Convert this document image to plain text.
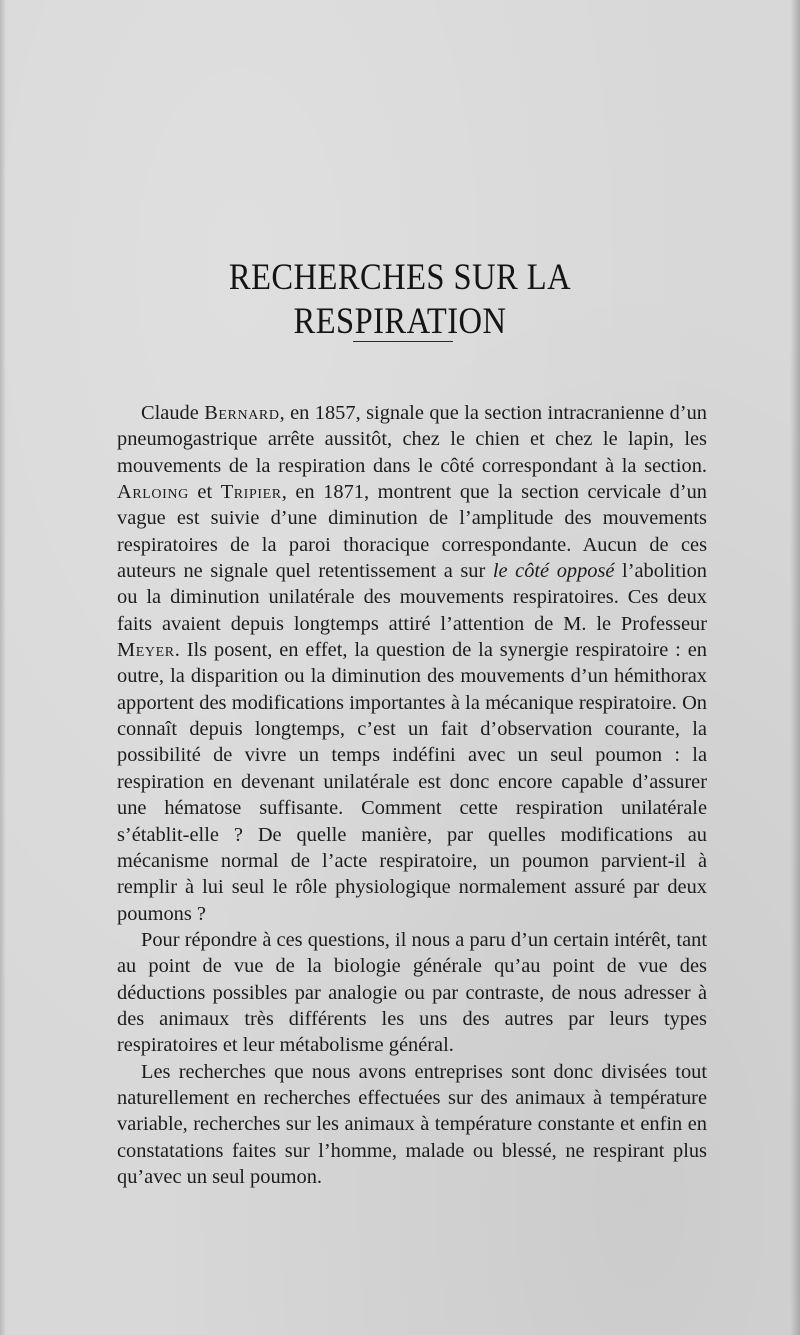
RECHERCHES SUR LA RESPIRATION

Claude Bernard, en 1857, signale que la section intracranienne d’un pneumogastrique arrête aussitôt, chez le chien et chez le lapin, les mouvements de la respiration dans le côté correspondant à la section. Arloing et Tripier, en 1871, montrent que la section cervicale d’un vague est suivie d’une diminution de l’amplitude des mouvements respiratoires de la paroi thoracique correspondante. Aucun de ces auteurs ne signale quel retentissement a sur le côté opposé l’abolition ou la diminution unilatérale des mouvements respiratoires. Ces deux faits avaient depuis longtemps attiré l’attention de M. le Professeur Meyer. Ils posent, en effet, la question de la synergie respiratoire : en outre, la disparition ou la diminution des mouvements d’un hémithorax apportent des modifications importantes à la mécanique respiratoire. On connaît depuis longtemps, c’est un fait d’observation courante, la possibilité de vivre un temps indéfini avec un seul poumon : la respiration en devenant unilatérale est donc encore capable d’assurer une hématose suffisante. Comment cette respiration unilatérale s’établit-elle ? De quelle manière, par quelles modifications au mécanisme normal de l’acte respiratoire, un poumon parvient-il à remplir à lui seul le rôle physiologique normalement assuré par deux poumons ?

Pour répondre à ces questions, il nous a paru d’un certain intérêt, tant au point de vue de la biologie générale qu’au point de vue des déductions possibles par analogie ou par contraste, de nous adresser à des animaux très différents les uns des autres par leurs types respiratoires et leur métabolisme général.

Les recherches que nous avons entreprises sont donc divisées tout naturellement en recherches effectuées sur des animaux à température variable, recherches sur les animaux à température constante et enfin en constatations faites sur l’homme, malade ou blessé, ne respirant plus qu’avec un seul poumon.
